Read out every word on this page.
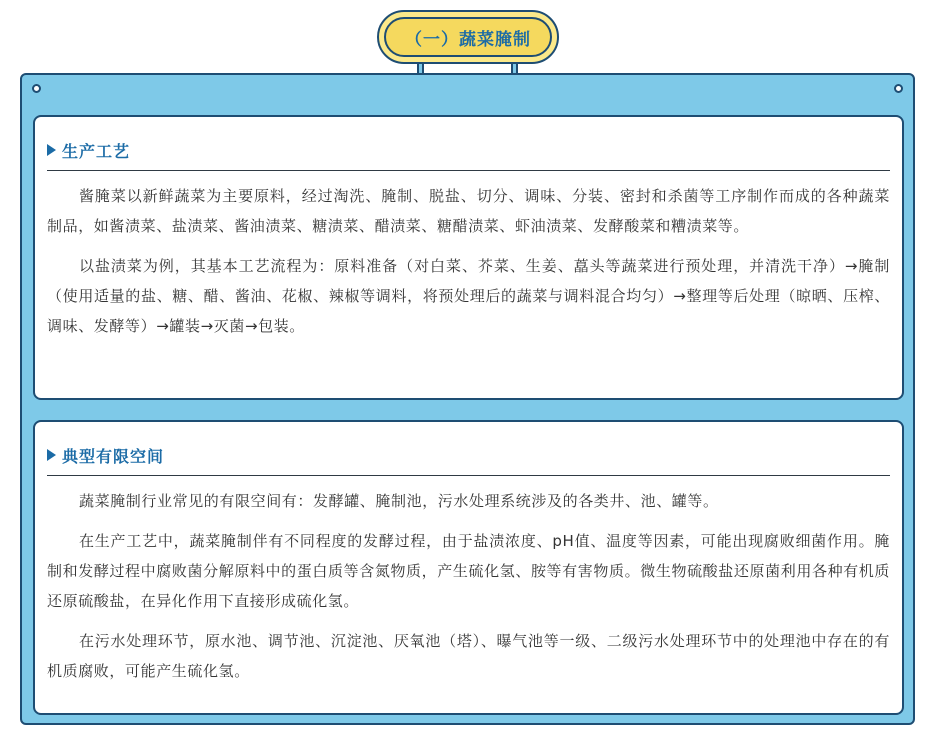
（一）蔬菜腌制
生产工艺

酱腌菜以新鲜蔬菜为主要原料，经过淘洗、腌制、脱盐、切分、调味、分装、密封和杀菌等工序制作而成的各种蔬菜制品，如酱渍菜、盐渍菜、酱油渍菜、糖渍菜、醋渍菜、糖醋渍菜、虾油渍菜、发酵酸菜和糟渍菜等。

以盐渍菜为例，其基本工艺流程为：原料准备（对白菜、芥菜、生姜、藠头等蔬菜进行预处理，并清洗干净）→腌制（使用适量的盐、糖、醋、酱油、花椒、辣椒等调料，将预处理后的蔬菜与调料混合均匀）→整理等后处理（晾晒、压榨、调味、发酵等）→罐装→灭菌→包装。

典型有限空间

蔬菜腌制行业常见的有限空间有：发酵罐、腌制池，污水处理系统涉及的各类井、池、罐等。

在生产工艺中，蔬菜腌制伴有不同程度的发酵过程，由于盐渍浓度、pH值、温度等因素，可能出现腐败细菌作用。腌制和发酵过程中腐败菌分解原料中的蛋白质等含氮物质，产生硫化氢、胺等有害物质。微生物硫酸盐还原菌利用各种有机质还原硫酸盐，在异化作用下直接形成硫化氢。

在污水处理环节，原水池、调节池、沉淀池、厌氧池（塔）、曝气池等一级、二级污水处理环节中的处理池中存在的有机质腐败，可能产生硫化氢。
